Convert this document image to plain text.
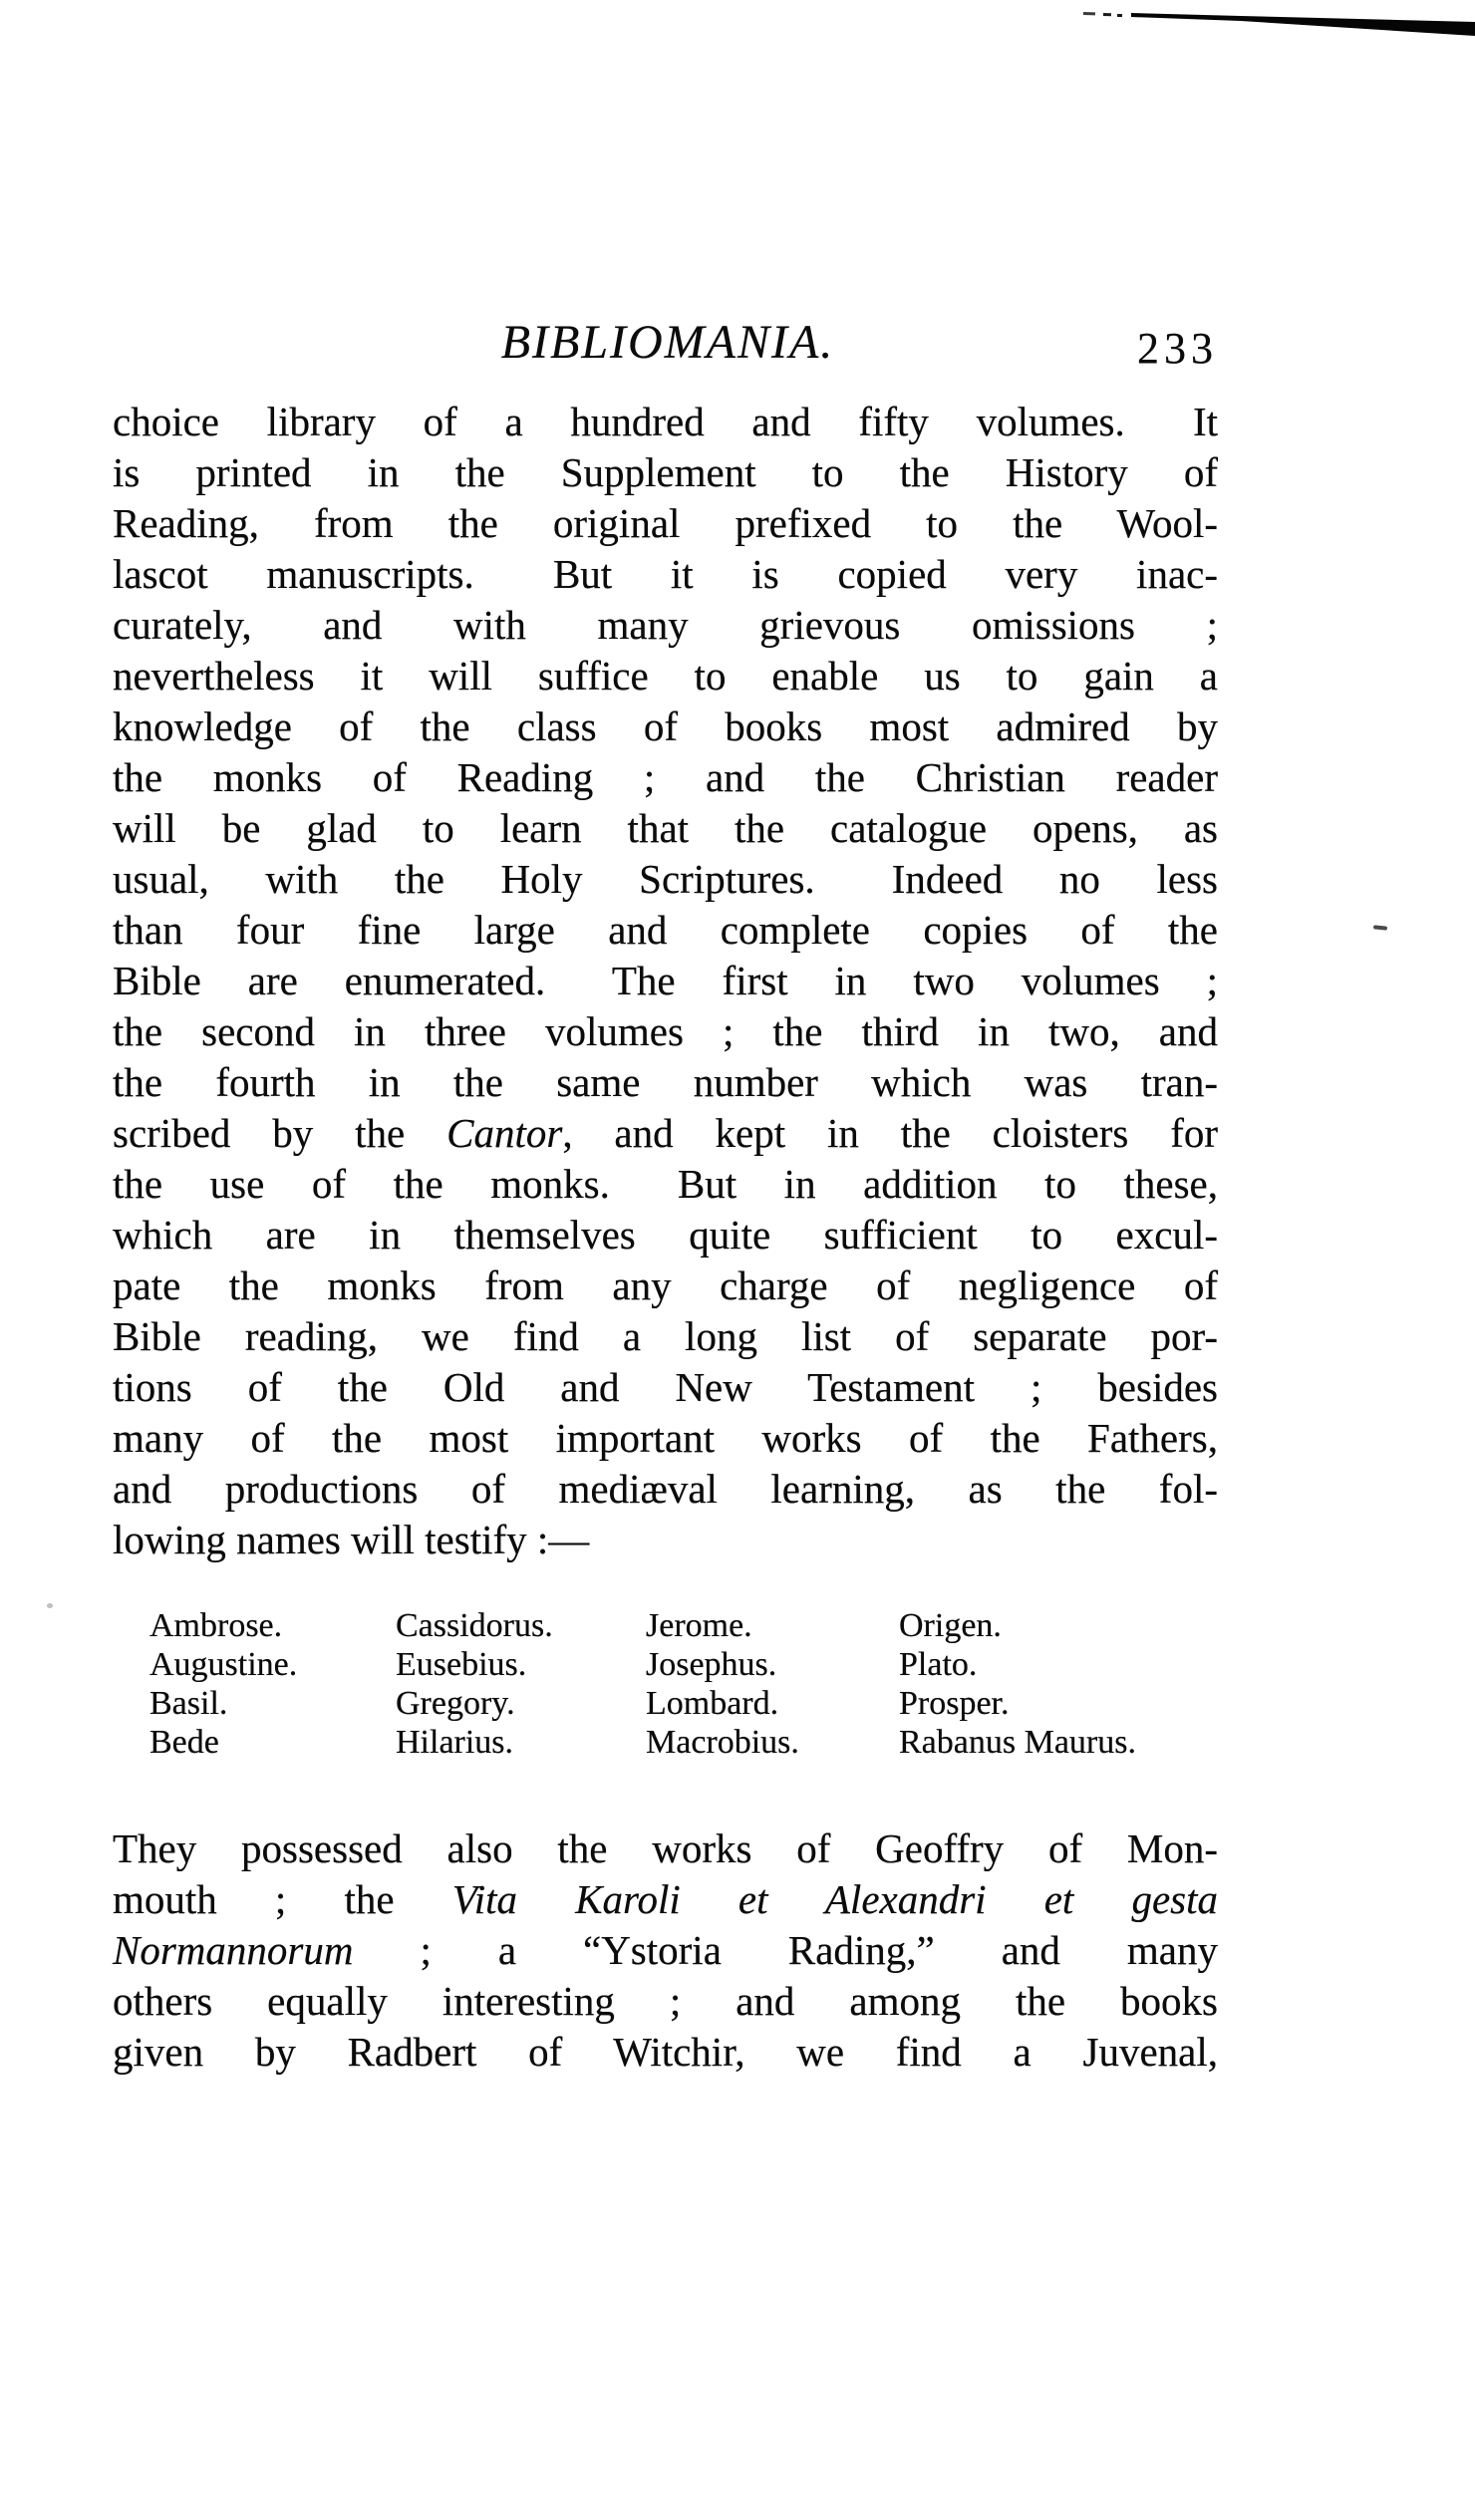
BIBLIOMANIA.	233
choice library of a hundred and fifty volumes.  It
is printed in the Supplement to the History of
Reading, from the original prefixed to the Wool-
lascot manuscripts.  But it is copied very inac-
curately, and with many grievous omissions ;
nevertheless it will suffice to enable us to gain a
knowledge of the class of books most admired by
the monks of Reading ; and the Christian reader
will be glad to learn that the catalogue opens, as
usual, with the Holy Scriptures.  Indeed no less
than four fine large and complete copies of the
Bible are enumerated.  The first in two volumes ;
the second in three volumes ; the third in two, and
the fourth in the same number which was tran-
scribed by the Cantor, and kept in the cloisters for
the use of the monks.  But in addition to these,
which are in themselves quite sufficient to excul-
pate the monks from any charge of negligence of
Bible reading, we find a long list of separate por-
tions of the Old and New Testament ; besides
many of the most important works of the Fathers,
and productions of mediæval learning, as the fol-
lowing names will testify :—
Ambrose.	Cassidorus.	Jerome.	Origen.
Augustine.	Eusebius.	Josephus.	Plato.
Basil.	Gregory.	Lombard.	Prosper.
Bede	Hilarius.	Macrobius.	Rabanus Maurus.
They possessed also the works of Geoffry of Mon-
mouth ; the Vita Karoli et Alexandri et gesta
Normannorum ; a “Ystoria Rading,” and many
others equally interesting ; and among the books
given by Radbert of Witchir, we find a Juvenal,
